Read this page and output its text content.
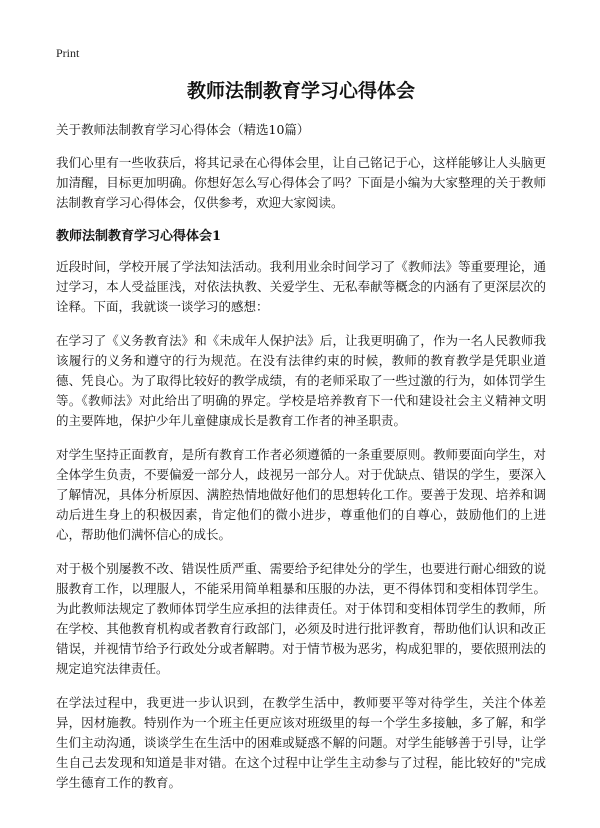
Print
教师法制教育学习心得体会
关于教师法制教育学习心得体会（精选10篇）

我们心里有一些收获后，将其记录在心得体会里，让自己铭记于心，这样能够让人头脑更加清醒，目标更加明确。你想好怎么写心得体会了吗？下面是小编为大家整理的关于教师法制教育学习心得体会，仅供参考，欢迎大家阅读。

教师法制教育学习心得体会1

近段时间，学校开展了学法知法活动。我利用业余时间学习了《教师法》等重要理论，通过学习，本人受益匪浅，对依法执教、关爱学生、无私奉献等概念的内涵有了更深层次的诠释。下面，我就谈一谈学习的感想：

在学习了《义务教育法》和《未成年人保护法》后，让我更明确了，作为一名人民教师我该履行的义务和遵守的行为规范。在没有法律约束的时候，教师的教育教学是凭职业道德、凭良心。为了取得比较好的教学成绩，有的老师采取了一些过激的行为，如体罚学生等。《教师法》对此给出了明确的界定。学校是培养教育下一代和建设社会主义精神文明的主要阵地，保护少年儿童健康成长是教育工作者的神圣职责。

对学生坚持正面教育，是所有教育工作者必须遵循的一条重要原则。教师要面向学生，对全体学生负责，不要偏爱一部分人，歧视另一部分人。对于优缺点、错误的学生，要深入了解情况，具体分析原因、满腔热情地做好他们的思想转化工作。要善于发现、培养和调动后进生身上的积极因素，肯定他们的微小进步，尊重他们的自尊心，鼓励他们的上进心，帮助他们满怀信心的成长。

对于极个别屡教不改、错误性质严重、需要给予纪律处分的学生，也要进行耐心细致的说服教育工作，以理服人，不能采用简单粗暴和压服的办法，更不得体罚和变相体罚学生。为此教师法规定了教师体罚学生应承担的法律责任。对于体罚和变相体罚学生的教师，所在学校、其他教育机构或者教育行政部门，必须及时进行批评教育，帮助他们认识和改正错误，并视情节给予行政处分或者解聘。对于情节极为恶劣，构成犯罪的，要依照刑法的规定追究法律责任。

在学法过程中，我更进一步认识到，在教学生活中，教师要平等对待学生，关注个体差异，因材施教。特别作为一个班主任更应该对班级里的每一个学生多接触，多了解，和学生们主动沟通，谈谈学生在生活中的困难或疑惑不解的问题。对学生能够善于引导，让学生自己去发现和知道是非对错。在这个过程中让学生主动参与了过程，能比较好的"完成学生德育工作的教育。
